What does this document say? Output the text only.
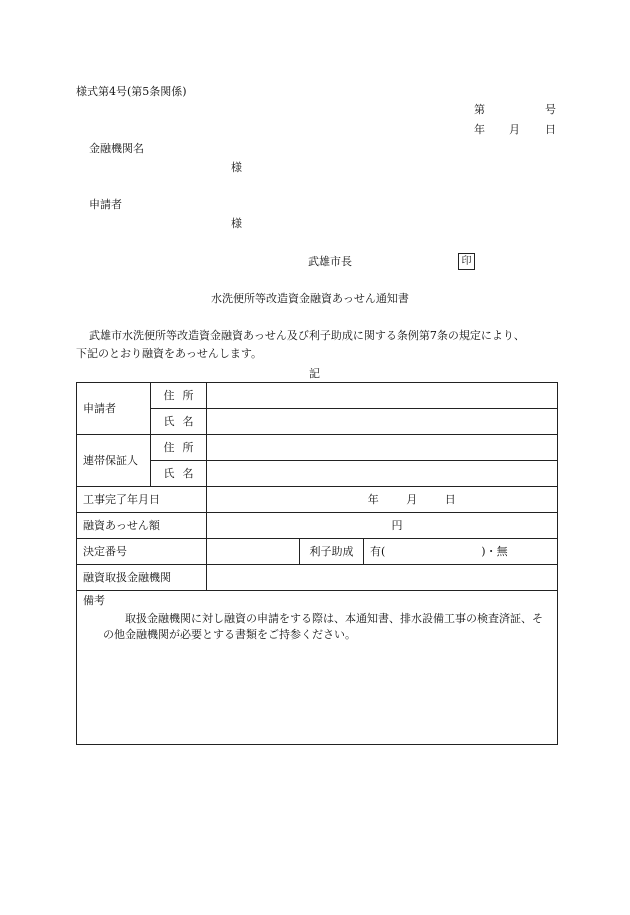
様式第4号(第5条関係)
第	号
年 月 日
金融機関名
様
申請者
様
武雄市長	印
水洗便所等改造資金融資あっせん通知書
武雄市水洗便所等改造資金融資あっせん及び利子助成に関する条例第7条の規定により、
下記のとおり融資をあっせんします。
記
申請者	住所			
	氏名			
連帯保証人	住所			
	氏名			
工事完了年月日		年 月 日		
融資あっせん額		円		
決定番号			利子助成	有( )・無
融資取扱金融機関				

備考
取扱金融機関に対し融資の申請をする際は、本通知書、排水設備工事の検査済証、その他金融機関が必要とする書類をご持参ください。				
